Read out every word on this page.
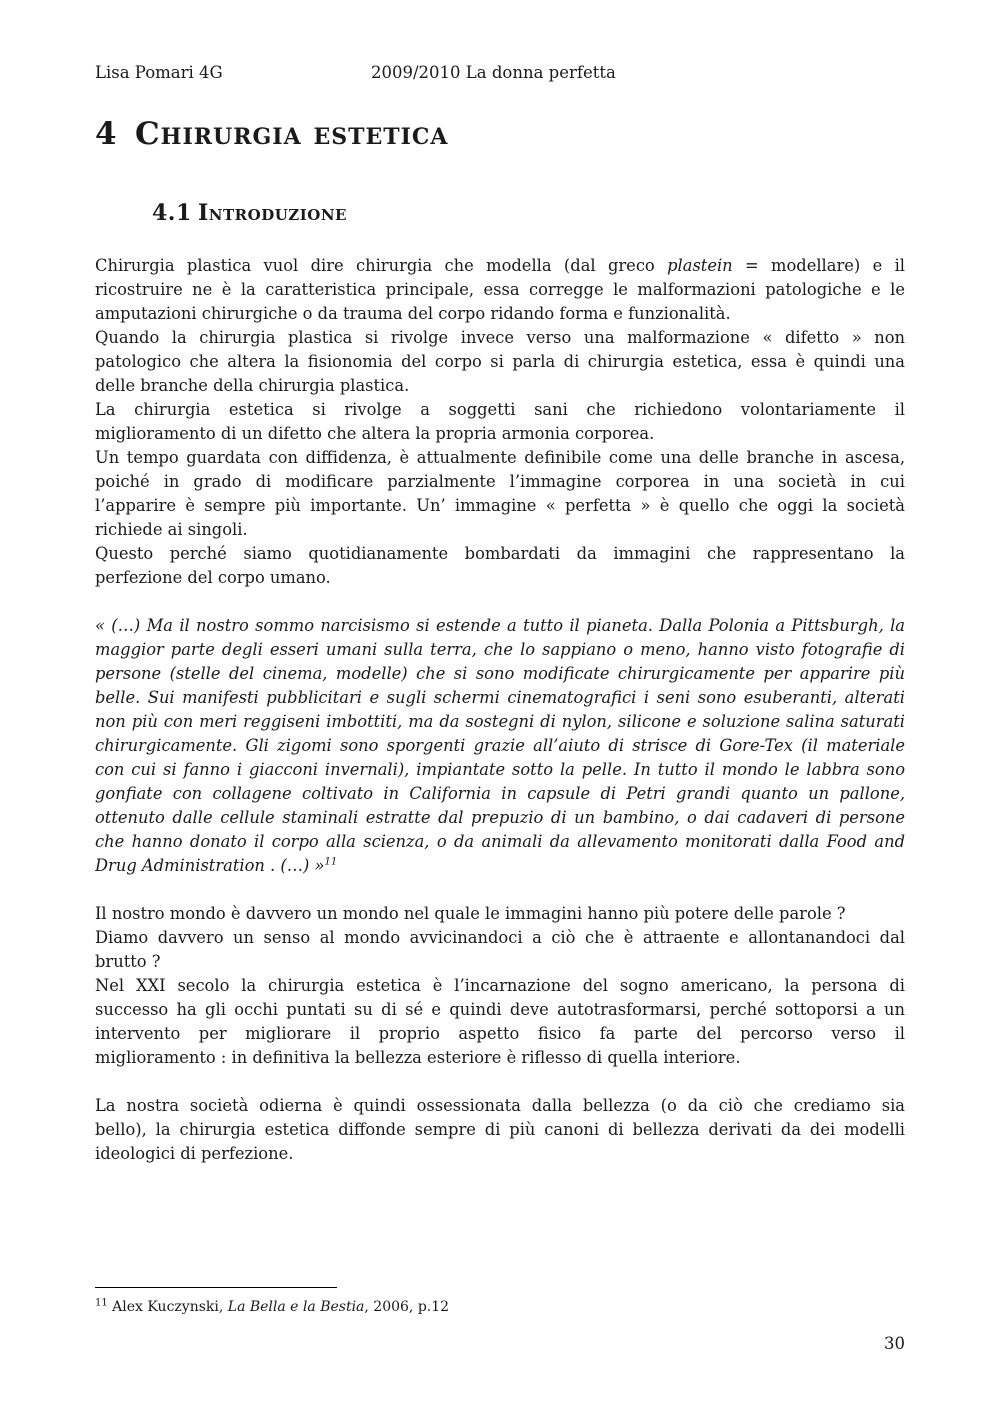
Lisa Pomari 4G	2009/2010 La donna perfetta
4 Chirurgia estetica
4.1 Introduzione
Chirurgia plastica vuol dire chirurgia che modella (dal greco plastein = modellare) e il
ricostruire ne è la caratteristica principale, essa corregge le malformazioni patologiche e le
amputazioni chirurgiche o da trauma del corpo ridando forma e funzionalità.
Quando la chirurgia plastica si rivolge invece verso una malformazione « difetto » non
patologico che altera la fisionomia del corpo si parla di chirurgia estetica, essa è quindi una
delle branche della chirurgia plastica.
La chirurgia estetica si rivolge a soggetti sani che richiedono volontariamente il
miglioramento di un difetto che altera la propria armonia corporea.
Un tempo guardata con diffidenza, è attualmente definibile come una delle branche in ascesa,
poiché in grado di modificare parzialmente l’immagine corporea in una società in cui
l’apparire è sempre più importante. Un’ immagine « perfetta » è quello che oggi la società
richiede ai singoli.
Questo perché siamo quotidianamente bombardati da immagini che rappresentano la
perfezione del corpo umano.
« (…) Ma il nostro sommo narcisismo si estende a tutto il pianeta. Dalla Polonia a Pittsburgh, la
maggior parte degli esseri umani sulla terra, che lo sappiano o meno, hanno visto fotografie di
persone (stelle del cinema, modelle) che si sono modificate chirurgicamente per apparire più
belle. Sui manifesti pubblicitari e sugli schermi cinematografici i seni sono esuberanti, alterati
non più con meri reggiseni imbottiti, ma da sostegni di nylon, silicone e soluzione salina saturati
chirurgicamente. Gli zigomi sono sporgenti grazie all’aiuto di strisce di Gore-Tex (il materiale
con cui si fanno i giacconi invernali), impiantate sotto la pelle. In tutto il mondo le labbra sono
gonfiate con collagene coltivato in California in capsule di Petri grandi quanto un pallone,
ottenuto dalle cellule staminali estratte dal prepuzio di un bambino, o dai cadaveri di persone
che hanno donato il corpo alla scienza, o da animali da allevamento monitorati dalla Food and
Drug Administration . (…) »$^{11}$
Il nostro mondo è davvero un mondo nel quale le immagini hanno più potere delle parole ?
Diamo davvero un senso al mondo avvicinandoci a ciò che è attraente e allontanandoci dal
brutto ?
Nel XXI secolo la chirurgia estetica è l’incarnazione del sogno americano, la persona di
successo ha gli occhi puntati su di sé e quindi deve autotrasformarsi, perché sottoporsi a un
intervento per migliorare il proprio aspetto fisico fa parte del percorso verso il
miglioramento : in definitiva la bellezza esteriore è riflesso di quella interiore.
La nostra società odierna è quindi ossessionata dalla bellezza (o da ciò che crediamo sia
bello), la chirurgia estetica diffonde sempre di più canoni di bellezza derivati da dei modelli
ideologici di perfezione.
$^{11}$ Alex Kuczynski, La Bella e la Bestia, 2006, p.12
30
